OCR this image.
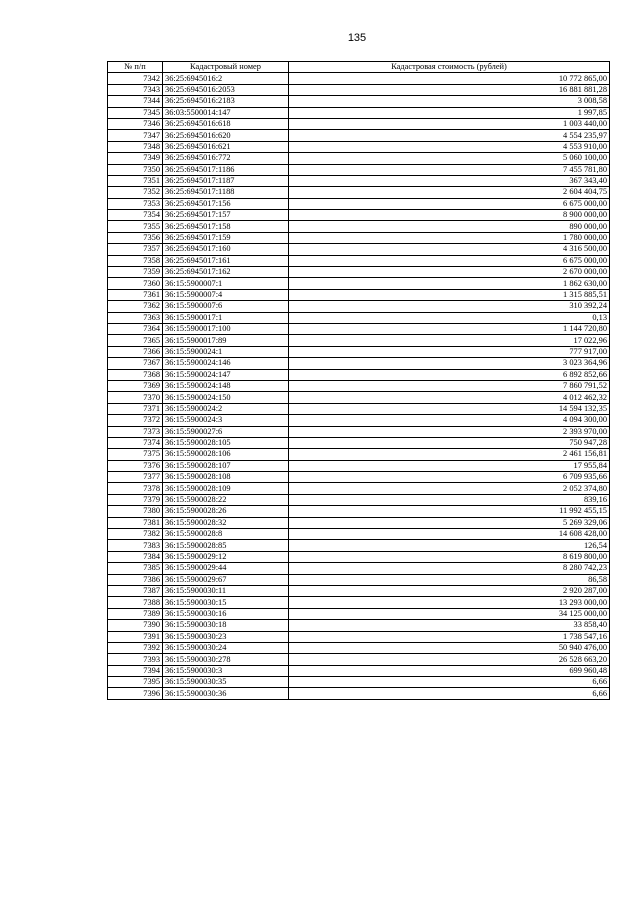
135
№ п/п	Кадастровый номер	Кадастровая стоимость (рублей)
7342	36:25:6945016:2	10 772 865,00
7343	36:25:6945016:2053	16 881 881,28
7344	36:25:6945016:2183	3 008,58
7345	36:03:5500014:147	1 997,85
7346	36:25:6945016:618	1 003 440,00
7347	36:25:6945016:620	4 554 235,97
7348	36:25:6945016:621	4 553 910,00
7349	36:25:6945016:772	5 060 100,00
7350	36:25:6945017:1186	7 455 781,80
7351	36:25:6945017:1187	367 343,40
7352	36:25:6945017:1188	2 604 404,75
7353	36:25:6945017:156	6 675 000,00
7354	36:25:6945017:157	8 900 000,00
7355	36:25:6945017:158	890 000,00
7356	36:25:6945017:159	1 780 000,00
7357	36:25:6945017:160	4 316 500,00
7358	36:25:6945017:161	6 675 000,00
7359	36:25:6945017:162	2 670 000,00
7360	36:15:5900007:1	1 862 630,00
7361	36:15:5900007:4	1 315 885,51
7362	36:15:5900007:6	310 392,24
7363	36:15:5900017:1	0,13
7364	36:15:5900017:100	1 144 720,80
7365	36:15:5900017:89	17 022,96
7366	36:15:5900024:1	777 917,00
7367	36:15:5900024:146	3 023 364,96
7368	36:15:5900024:147	6 892 852,66
7369	36:15:5900024:148	7 860 791,52
7370	36:15:5900024:150	4 012 462,32
7371	36:15:5900024:2	14 594 132,35
7372	36:15:5900024:3	4 094 300,00
7373	36:15:5900027:6	2 393 970,00
7374	36:15:5900028:105	750 947,28
7375	36:15:5900028:106	2 461 156,81
7376	36:15:5900028:107	17 955,84
7377	36:15:5900028:108	6 709 935,66
7378	36:15:5900028:109	2 052 374,80
7379	36:15:5900028:22	839,16
7380	36:15:5900028:26	11 992 455,15
7381	36:15:5900028:32	5 269 329,06
7382	36:15:5900028:8	14 608 428,00
7383	36:15:5900028:85	126,54
7384	36:15:5900029:12	8 619 800,00
7385	36:15:5900029:44	8 280 742,23
7386	36:15:5900029:67	86,58
7387	36:15:5900030:11	2 920 287,00
7388	36:15:5900030:15	13 293 000,00
7389	36:15:5900030:16	34 125 000,00
7390	36:15:5900030:18	33 858,40
7391	36:15:5900030:23	1 738 547,16
7392	36:15:5900030:24	50 940 476,00
7393	36:15:5900030:278	26 528 663,20
7394	36:15:5900030:3	699 960,48
7395	36:15:5900030:35	6,66
7396	36:15:5900030:36	6,66
